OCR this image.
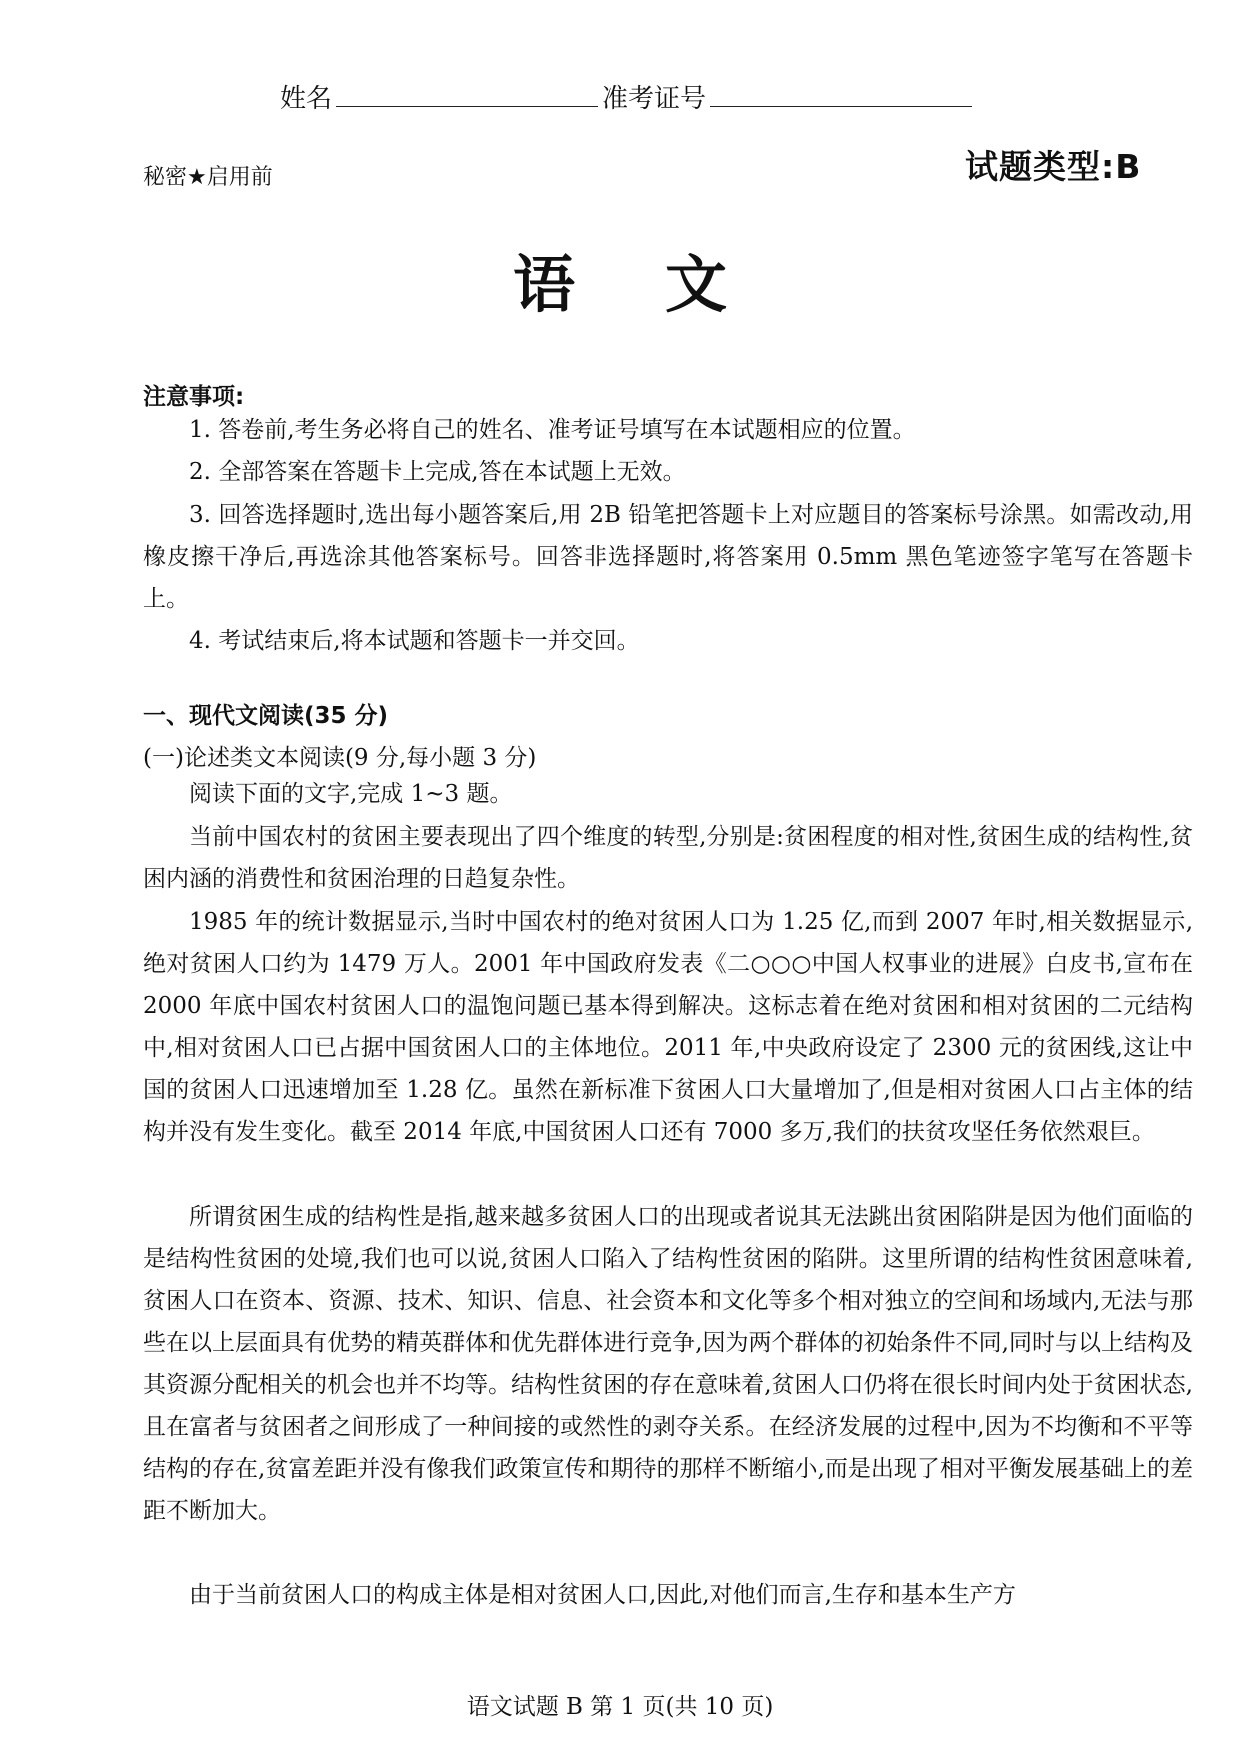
姓名	准考证号
秘密★启用前	试题类型:B
语文
注意事项:
1. 答卷前,考生务必将自己的姓名、准考证号填写在本试题相应的位置。
2. 全部答案在答题卡上完成,答在本试题上无效。
3. 回答选择题时,选出每小题答案后,用 2B 铅笔把答题卡上对应题目的答案标号涂黑。如需改动,用橡皮擦干净后,再选涂其他答案标号。回答非选择题时,将答案用 0.5mm 黑色笔迹签字笔写在答题卡上。
4. 考试结束后,将本试题和答题卡一并交回。
一、现代文阅读(35 分)
(一)论述类文本阅读(9 分,每小题 3 分)
阅读下面的文字,完成 1~3 题。
当前中国农村的贫困主要表现出了四个维度的转型,分别是:贫困程度的相对性,贫困生成的结构性,贫困内涵的消费性和贫困治理的日趋复杂性。
1985 年的统计数据显示,当时中国农村的绝对贫困人口为 1.25 亿,而到 2007 年时,相关数据显示,绝对贫困人口约为 1479 万人。2001 年中国政府发表《二○○○中国人权事业的进展》白皮书,宣布在 2000 年底中国农村贫困人口的温饱问题已基本得到解决。这标志着在绝对贫困和相对贫困的二元结构中,相对贫困人口已占据中国贫困人口的主体地位。2011 年,中央政府设定了 2300 元的贫困线,这让中国的贫困人口迅速增加至 1.28 亿。虽然在新标准下贫困人口大量增加了,但是相对贫困人口占主体的结构并没有发生变化。截至 2014 年底,中国贫困人口还有 7000 多万,我们的扶贫攻坚任务依然艰巨。
所谓贫困生成的结构性是指,越来越多贫困人口的出现或者说其无法跳出贫困陷阱是因为他们面临的是结构性贫困的处境,我们也可以说,贫困人口陷入了结构性贫困的陷阱。这里所谓的结构性贫困意味着,贫困人口在资本、资源、技术、知识、信息、社会资本和文化等多个相对独立的空间和场域内,无法与那些在以上层面具有优势的精英群体和优先群体进行竞争,因为两个群体的初始条件不同,同时与以上结构及其资源分配相关的机会也并不均等。结构性贫困的存在意味着,贫困人口仍将在很长时间内处于贫困状态,且在富者与贫困者之间形成了一种间接的或然性的剥夺关系。在经济发展的过程中,因为不均衡和不平等结构的存在,贫富差距并没有像我们政策宣传和期待的那样不断缩小,而是出现了相对平衡发展基础上的差距不断加大。
由于当前贫困人口的构成主体是相对贫困人口,因此,对他们而言,生存和基本生产方
语文试题 B 第 1 页(共 10 页)
